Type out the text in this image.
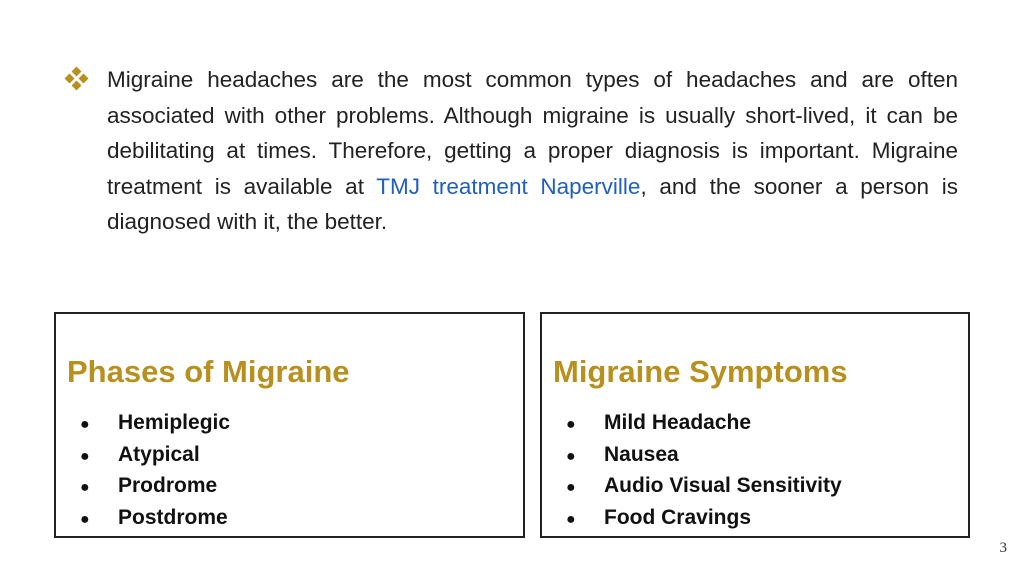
Migraine headaches are the most common types of headaches and are often associated with other problems. Although migraine is usually short-lived, it can be debilitating at times. Therefore, getting a proper diagnosis is important. Migraine treatment is available at TMJ treatment Naperville, and the sooner a person is diagnosed with it, the better.

Phases of Migraine
● Hemiplegic
● Atypical
● Prodrome
● Postdrome
Migraine Symptoms
● Mild Headache
● Nausea
● Audio Visual Sensitivity
● Food Cravings
3
